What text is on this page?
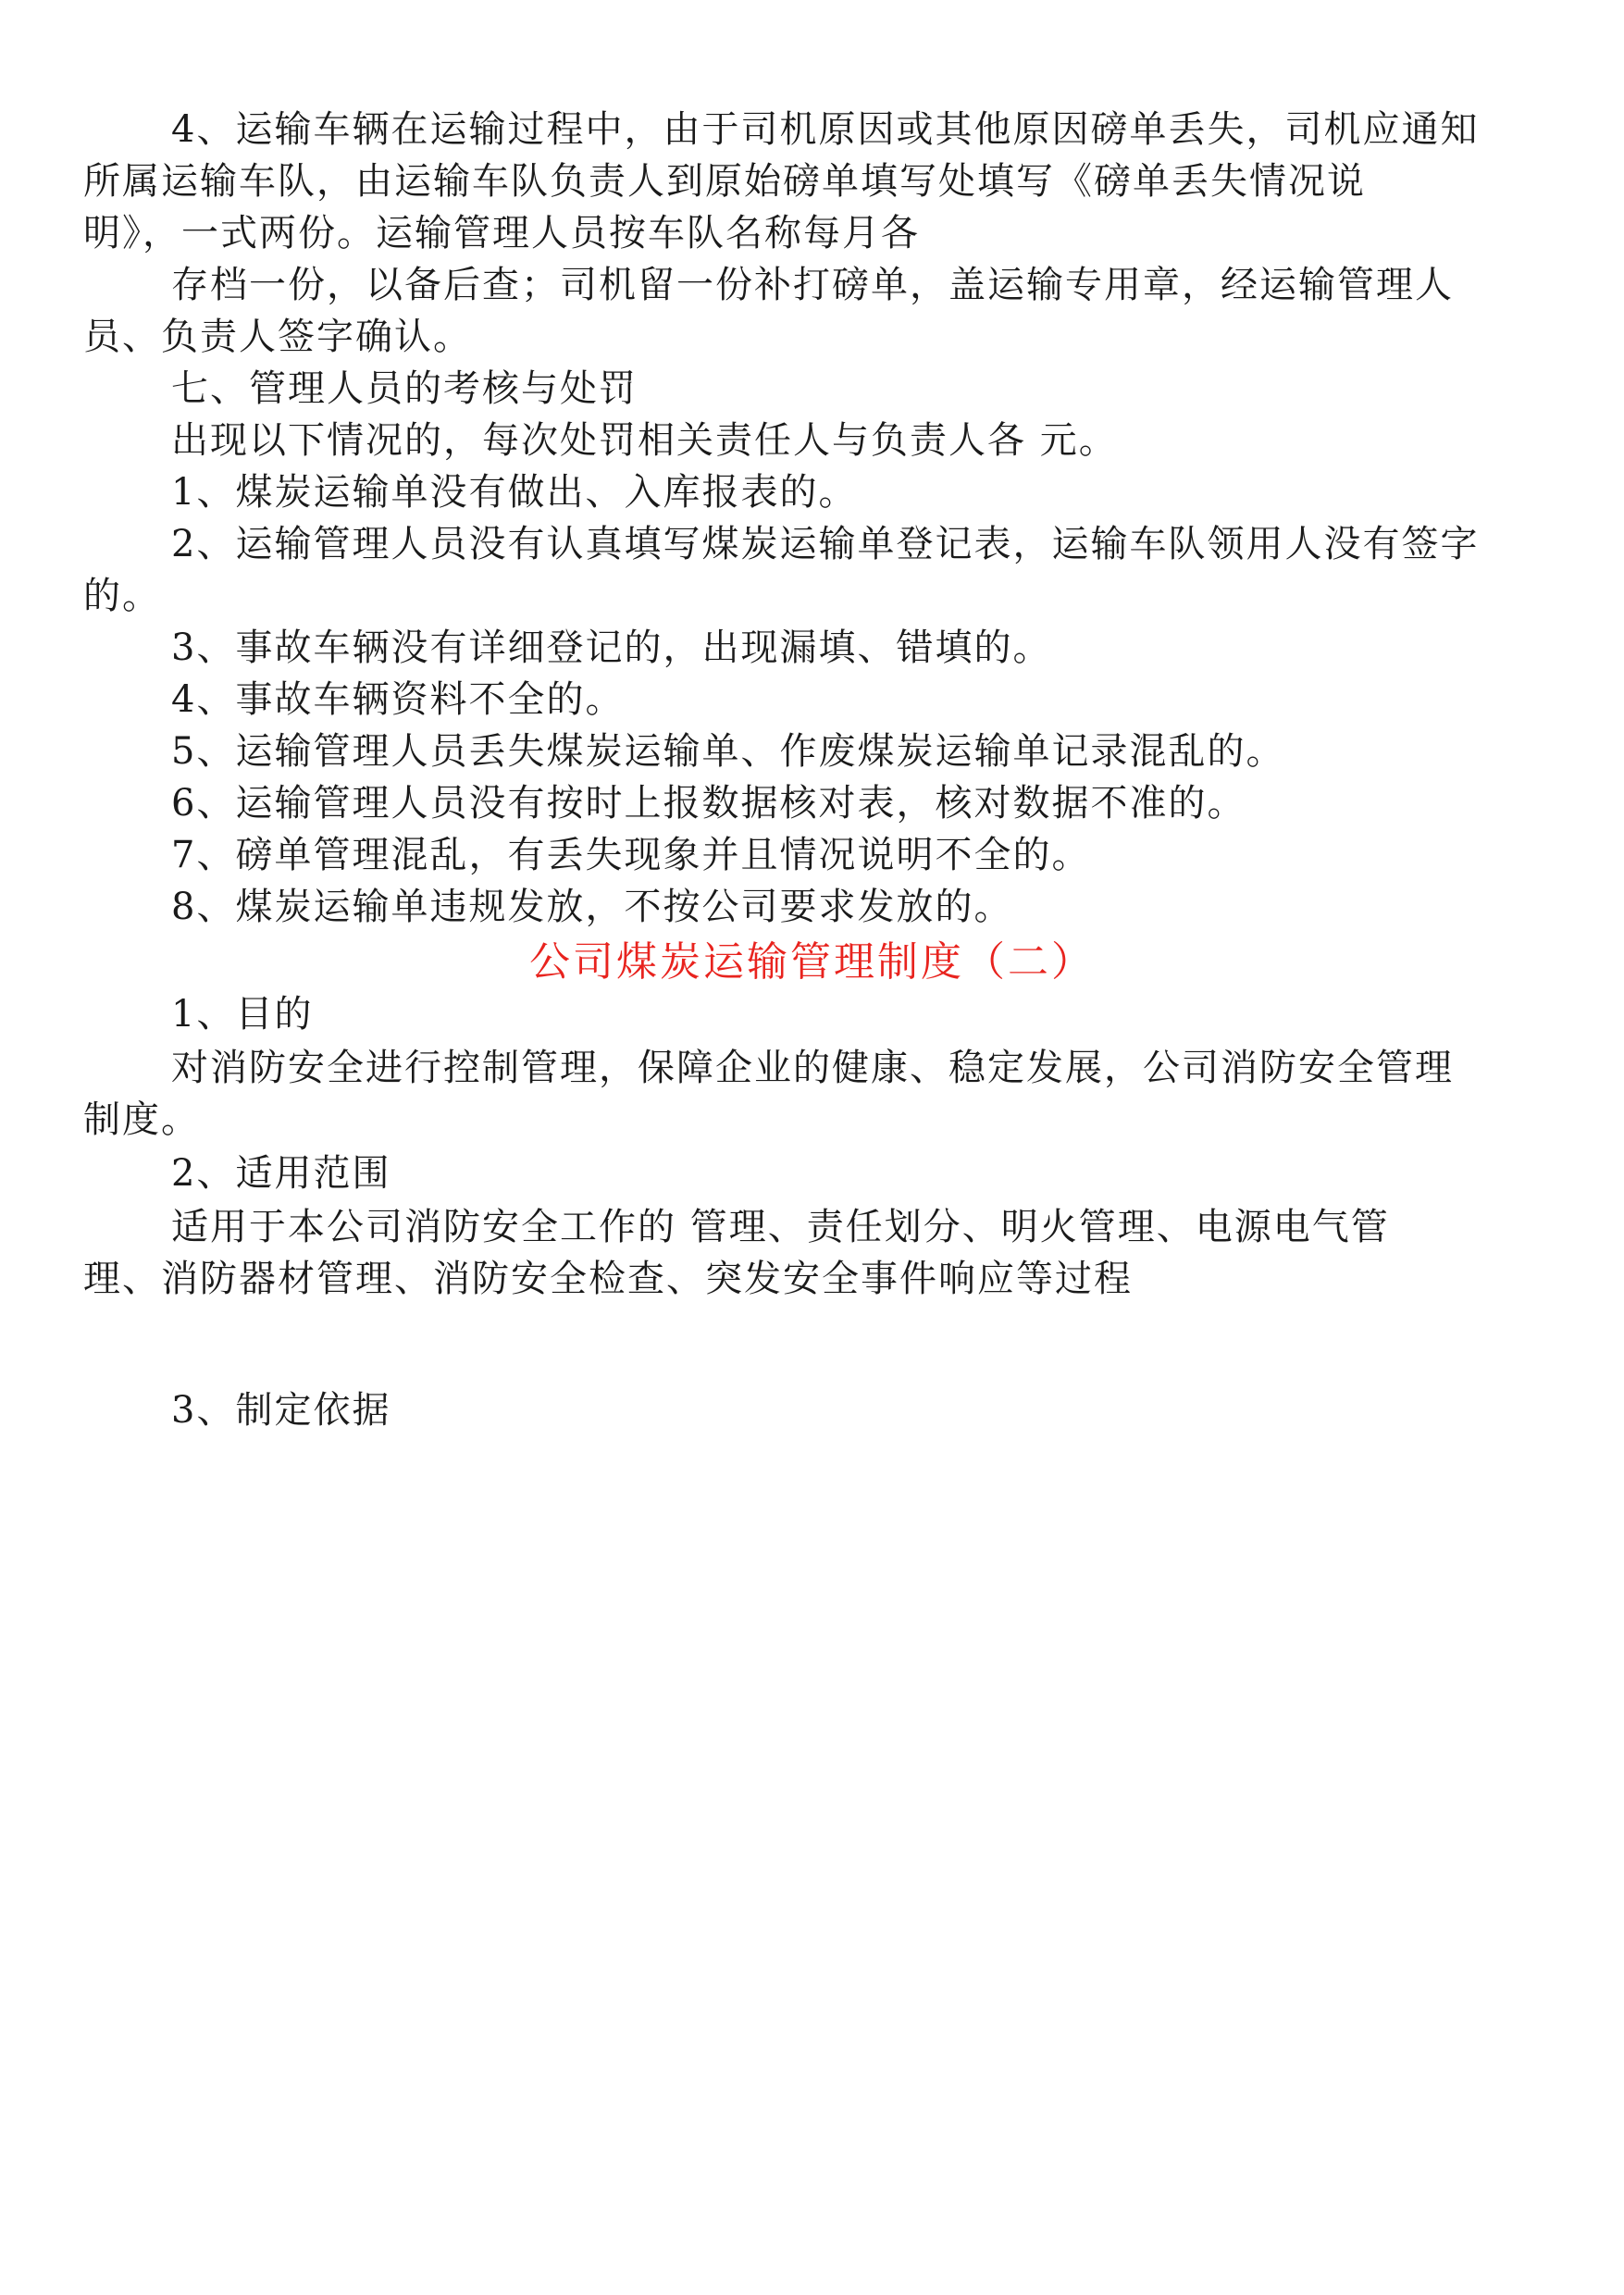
4、运输车辆在运输过程中，由于司机原因或其他原因磅单丢失，司机应通知
所属运输车队，由运输车队负责人到原始磅单填写处填写《磅单丢失情况说
明》，一式两份。运输管理人员按车队名称每月各
存档一份，以备后查；司机留一份补打磅单，盖运输专用章，经运输管理人
员、负责人签字确认。
七、管理人员的考核与处罚
出现以下情况的，每次处罚相关责任人与负责人各 元。
1、煤炭运输单没有做出、入库报表的。
2、运输管理人员没有认真填写煤炭运输单登记表，运输车队领用人没有签字
的。
3、事故车辆没有详细登记的，出现漏填、错填的。
4、事故车辆资料不全的。
5、运输管理人员丢失煤炭运输单、作废煤炭运输单记录混乱的。
6、运输管理人员没有按时上报数据核对表，核对数据不准的。
7、磅单管理混乱，有丢失现象并且情况说明不全的。
8、煤炭运输单违规发放，不按公司要求发放的。
公司煤炭运输管理制度（二）
1、目的
对消防安全进行控制管理，保障企业的健康、稳定发展，公司消防安全管理
制度。
2、适用范围
适用于本公司消防安全工作的 管理、责任划分、明火管理、电源电气管
理、消防器材管理、消防安全检查、突发安全事件响应等过程
3、制定依据
